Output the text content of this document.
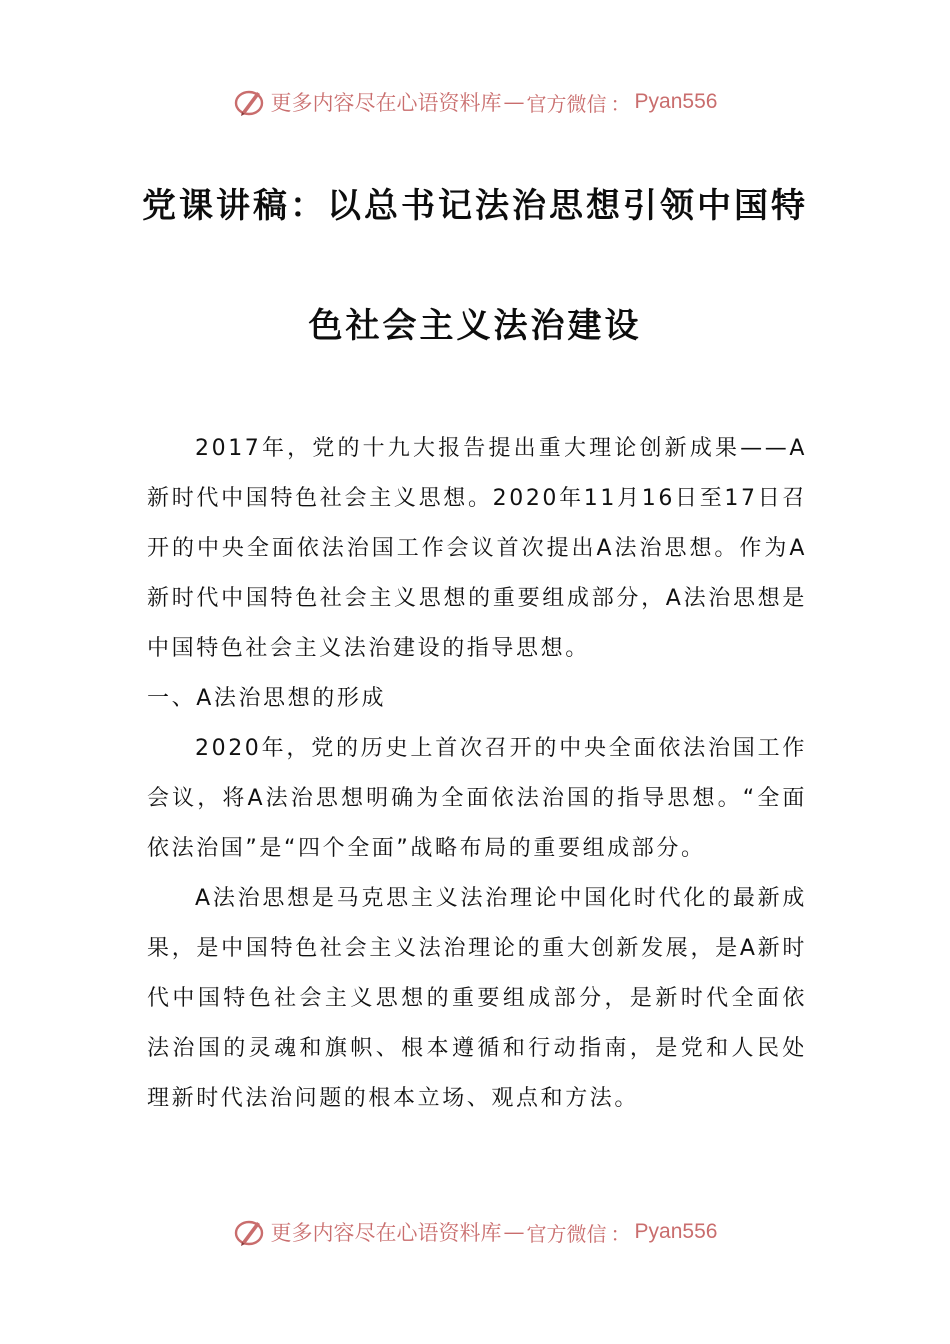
更多内容尽在心语资料库 — 官方微信 ： Pyan556
党课讲稿：以总书记法治思想引领中国特
色社会主义法治建设

2017年，党的十九大报告提出重大理论创新成果——A新时代中国特色社会主义思想。2020年11月16日至17日召开的中央全面依法治国工作会议首次提出A法治思想。作为A新时代中国特色社会主义思想的重要组成部分，A法治思想是中国特色社会主义法治建设的指导思想。

一、A法治思想的形成

2020年，党的历史上首次召开的中央全面依法治国工作会议，将A法治思想明确为全面依法治国的指导思想。“全面依法治国”是“四个全面”战略布局的重要组成部分。

A法治思想是马克思主义法治理论中国化时代化的最新成果，是中国特色社会主义法治理论的重大创新发展，是A新时代中国特色社会主义思想的重要组成部分，是新时代全面依法治国的灵魂和旗帜、根本遵循和行动指南，是党和人民处理新时代法治问题的根本立场、观点和方法。

更多内容尽在心语资料库 — 官方微信 ： Pyan556
